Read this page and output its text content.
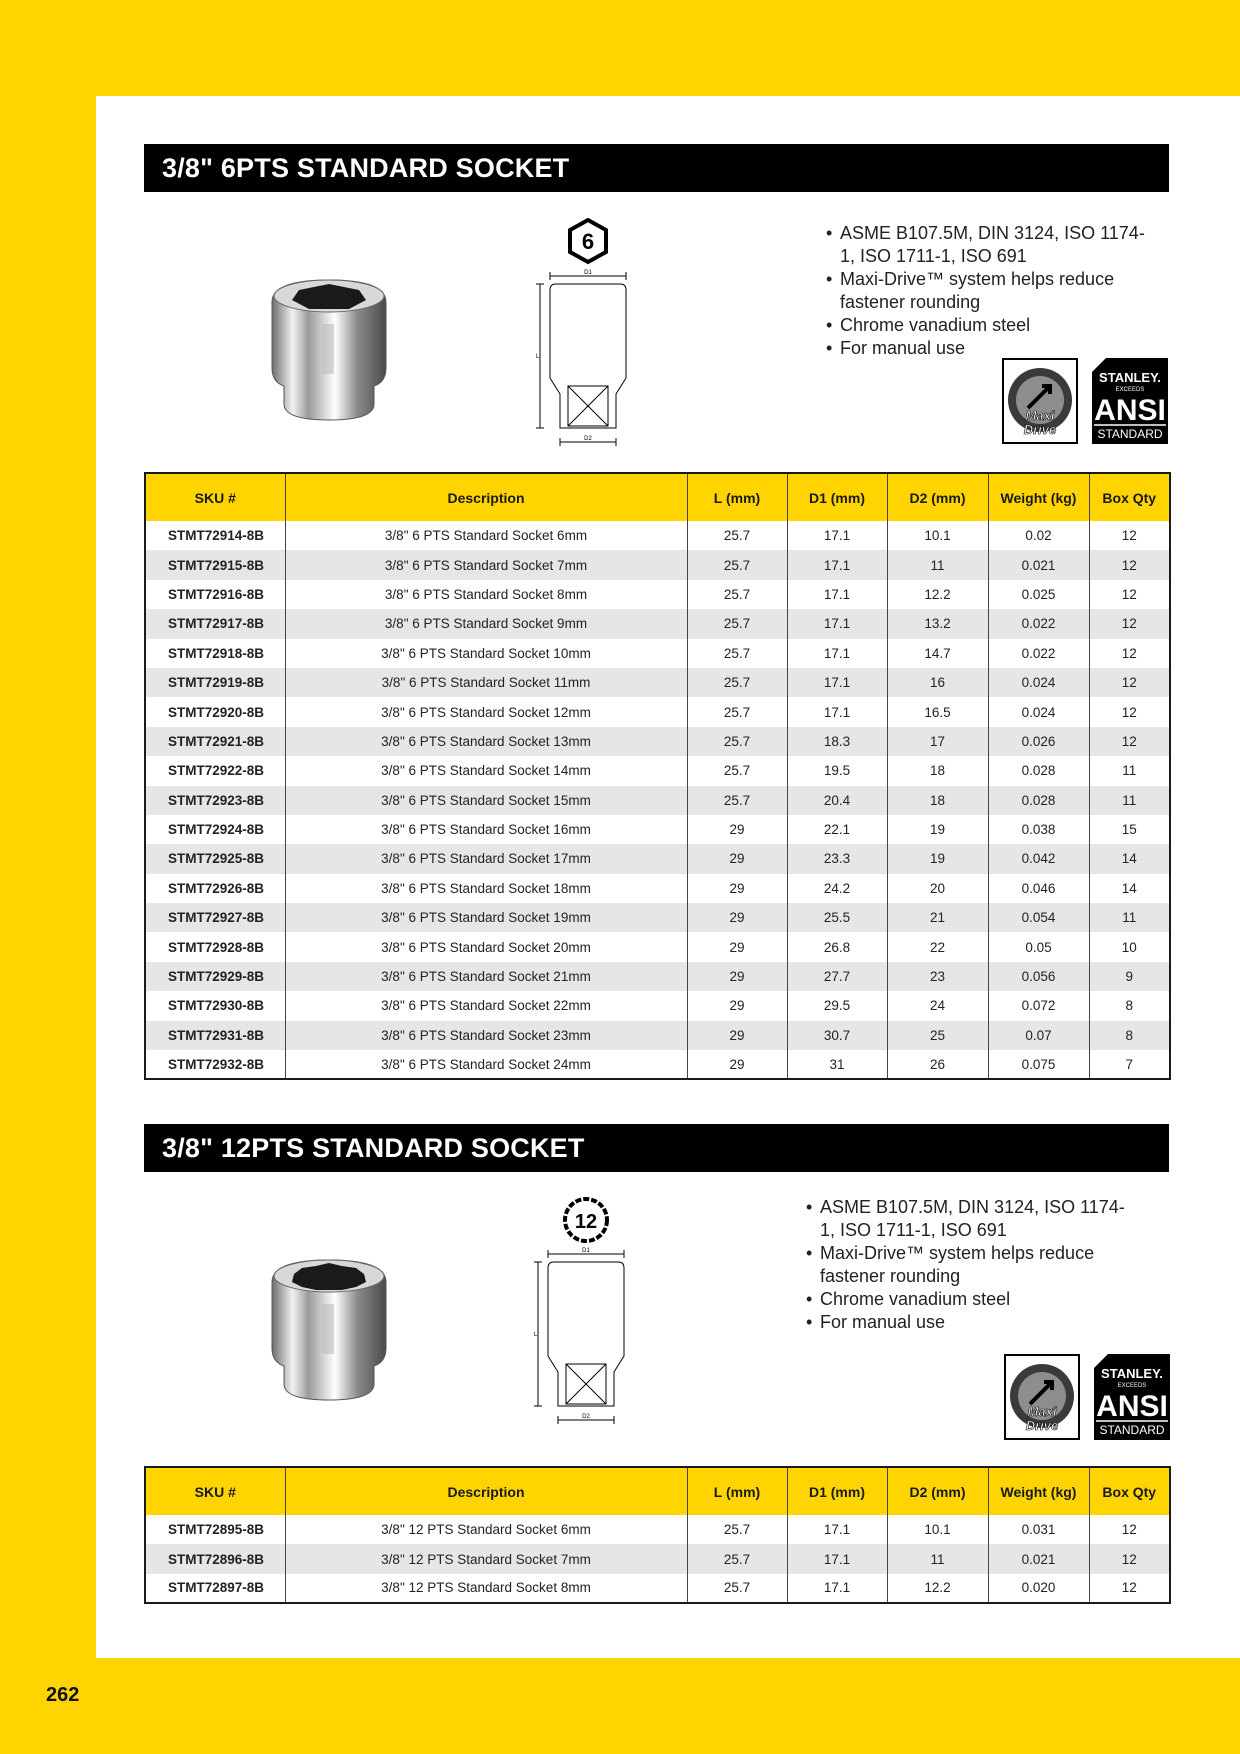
3/8" 6PTS STANDARD SOCKET
6
D1
L
D2
• ASME B107.5M, DIN 3124, ISO 1174-1, ISO 1711-1, ISO 691
• Maxi-Drive™ system helps reduce fastener rounding
• Chrome vanadium steel
• For manual use
Maxi
Drive
STANLEY.
EXCEEDS
ANSI
STANDARD
SKU #	Description	L (mm)	D1 (mm)	D2 (mm)	Weight (kg)	Box Qty
STMT72914-8B	3/8" 6 PTS Standard Socket 6mm	25.7	17.1	10.1	0.02	12
STMT72915-8B	3/8" 6 PTS Standard Socket 7mm	25.7	17.1	11	0.021	12
STMT72916-8B	3/8" 6 PTS Standard Socket 8mm	25.7	17.1	12.2	0.025	12
STMT72917-8B	3/8" 6 PTS Standard Socket 9mm	25.7	17.1	13.2	0.022	12
STMT72918-8B	3/8" 6 PTS Standard Socket 10mm	25.7	17.1	14.7	0.022	12
STMT72919-8B	3/8" 6 PTS Standard Socket 11mm	25.7	17.1	16	0.024	12
STMT72920-8B	3/8" 6 PTS Standard Socket 12mm	25.7	17.1	16.5	0.024	12
STMT72921-8B	3/8" 6 PTS Standard Socket 13mm	25.7	18.3	17	0.026	12
STMT72922-8B	3/8" 6 PTS Standard Socket 14mm	25.7	19.5	18	0.028	11
STMT72923-8B	3/8" 6 PTS Standard Socket 15mm	25.7	20.4	18	0.028	11
STMT72924-8B	3/8" 6 PTS Standard Socket 16mm	29	22.1	19	0.038	15
STMT72925-8B	3/8" 6 PTS Standard Socket 17mm	29	23.3	19	0.042	14
STMT72926-8B	3/8" 6 PTS Standard Socket 18mm	29	24.2	20	0.046	14
STMT72927-8B	3/8" 6 PTS Standard Socket 19mm	29	25.5	21	0.054	11
STMT72928-8B	3/8" 6 PTS Standard Socket 20mm	29	26.8	22	0.05	10
STMT72929-8B	3/8" 6 PTS Standard Socket 21mm	29	27.7	23	0.056	9
STMT72930-8B	3/8" 6 PTS Standard Socket 22mm	29	29.5	24	0.072	8
STMT72931-8B	3/8" 6 PTS Standard Socket 23mm	29	30.7	25	0.07	8
STMT72932-8B	3/8" 6 PTS Standard Socket 24mm	29	31	26	0.075	7
3/8" 12PTS STANDARD SOCKET
12
D1
L
D2
• ASME B107.5M, DIN 3124, ISO 1174-1, ISO 1711-1, ISO 691
• Maxi-Drive™ system helps reduce fastener rounding
• Chrome vanadium steel
• For manual use
Maxi
Drive
STANLEY.
EXCEEDS
ANSI
STANDARD
SKU #	Description	L (mm)	D1 (mm)	D2 (mm)	Weight (kg)	Box Qty
STMT72895-8B	3/8" 12 PTS Standard Socket 6mm	25.7	17.1	10.1	0.031	12
STMT72896-8B	3/8" 12 PTS Standard Socket 7mm	25.7	17.1	11	0.021	12
STMT72897-8B	3/8" 12 PTS Standard Socket 8mm	25.7	17.1	12.2	0.020	12
262
